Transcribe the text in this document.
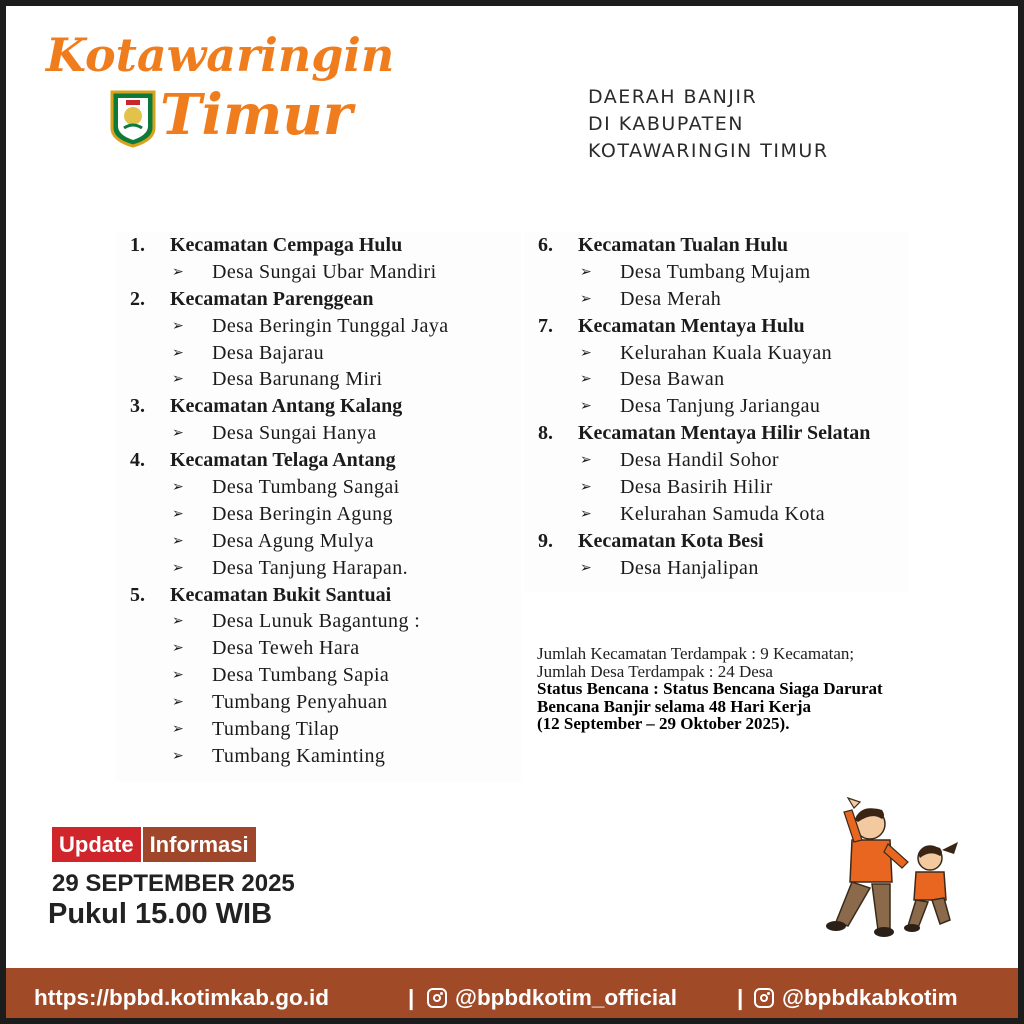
Kotawaringin
Timur	DAERAH BANJIR
DI KABUPATEN
KOTAWARINGIN TIMUR
1. Kecamatan Cempaga Hulu
➢ Desa Sungai Ubar Mandiri
2. Kecamatan Parenggean
➢ Desa Beringin Tunggal Jaya
➢ Desa Bajarau
➢ Desa Barunang Miri
3. Kecamatan Antang Kalang
➢ Desa Sungai Hanya
4. Kecamatan Telaga Antang
➢ Desa Tumbang Sangai
➢ Desa Beringin Agung
➢ Desa Agung Mulya
➢ Desa Tanjung Harapan.
5. Kecamatan Bukit Santuai
➢ Desa Lunuk Bagantung :
➢ Desa Teweh Hara
➢ Desa Tumbang Sapia
➢ Tumbang Penyahuan
➢ Tumbang Tilap
➢ Tumbang Kaminting
6. Kecamatan Tualan Hulu
➢ Desa Tumbang Mujam
➢ Desa Merah
7. Kecamatan Mentaya Hulu
➢ Kelurahan Kuala Kuayan
➢ Desa Bawan
➢ Desa Tanjung Jariangau
8. Kecamatan Mentaya Hilir Selatan
➢ Desa Handil Sohor
➢ Desa Basirih Hilir
➢ Kelurahan Samuda Kota
9. Kecamatan Kota Besi
➢ Desa Hanjalipan
Jumlah Kecamatan Terdampak : 9 Kecamatan;
Jumlah Desa Terdampak : 24 Desa
Status Bencana : Status Bencana Siaga Darurat
Bencana Banjir selama 48 Hari Kerja
(12 September – 29 Oktober 2025).
Update Informasi
29 SEPTEMBER 2025
Pukul 15.00 WIB
https://bpbd.kotimkab.go.id	|	@bpbdkotim_official	|	@bpbdkabkotim
